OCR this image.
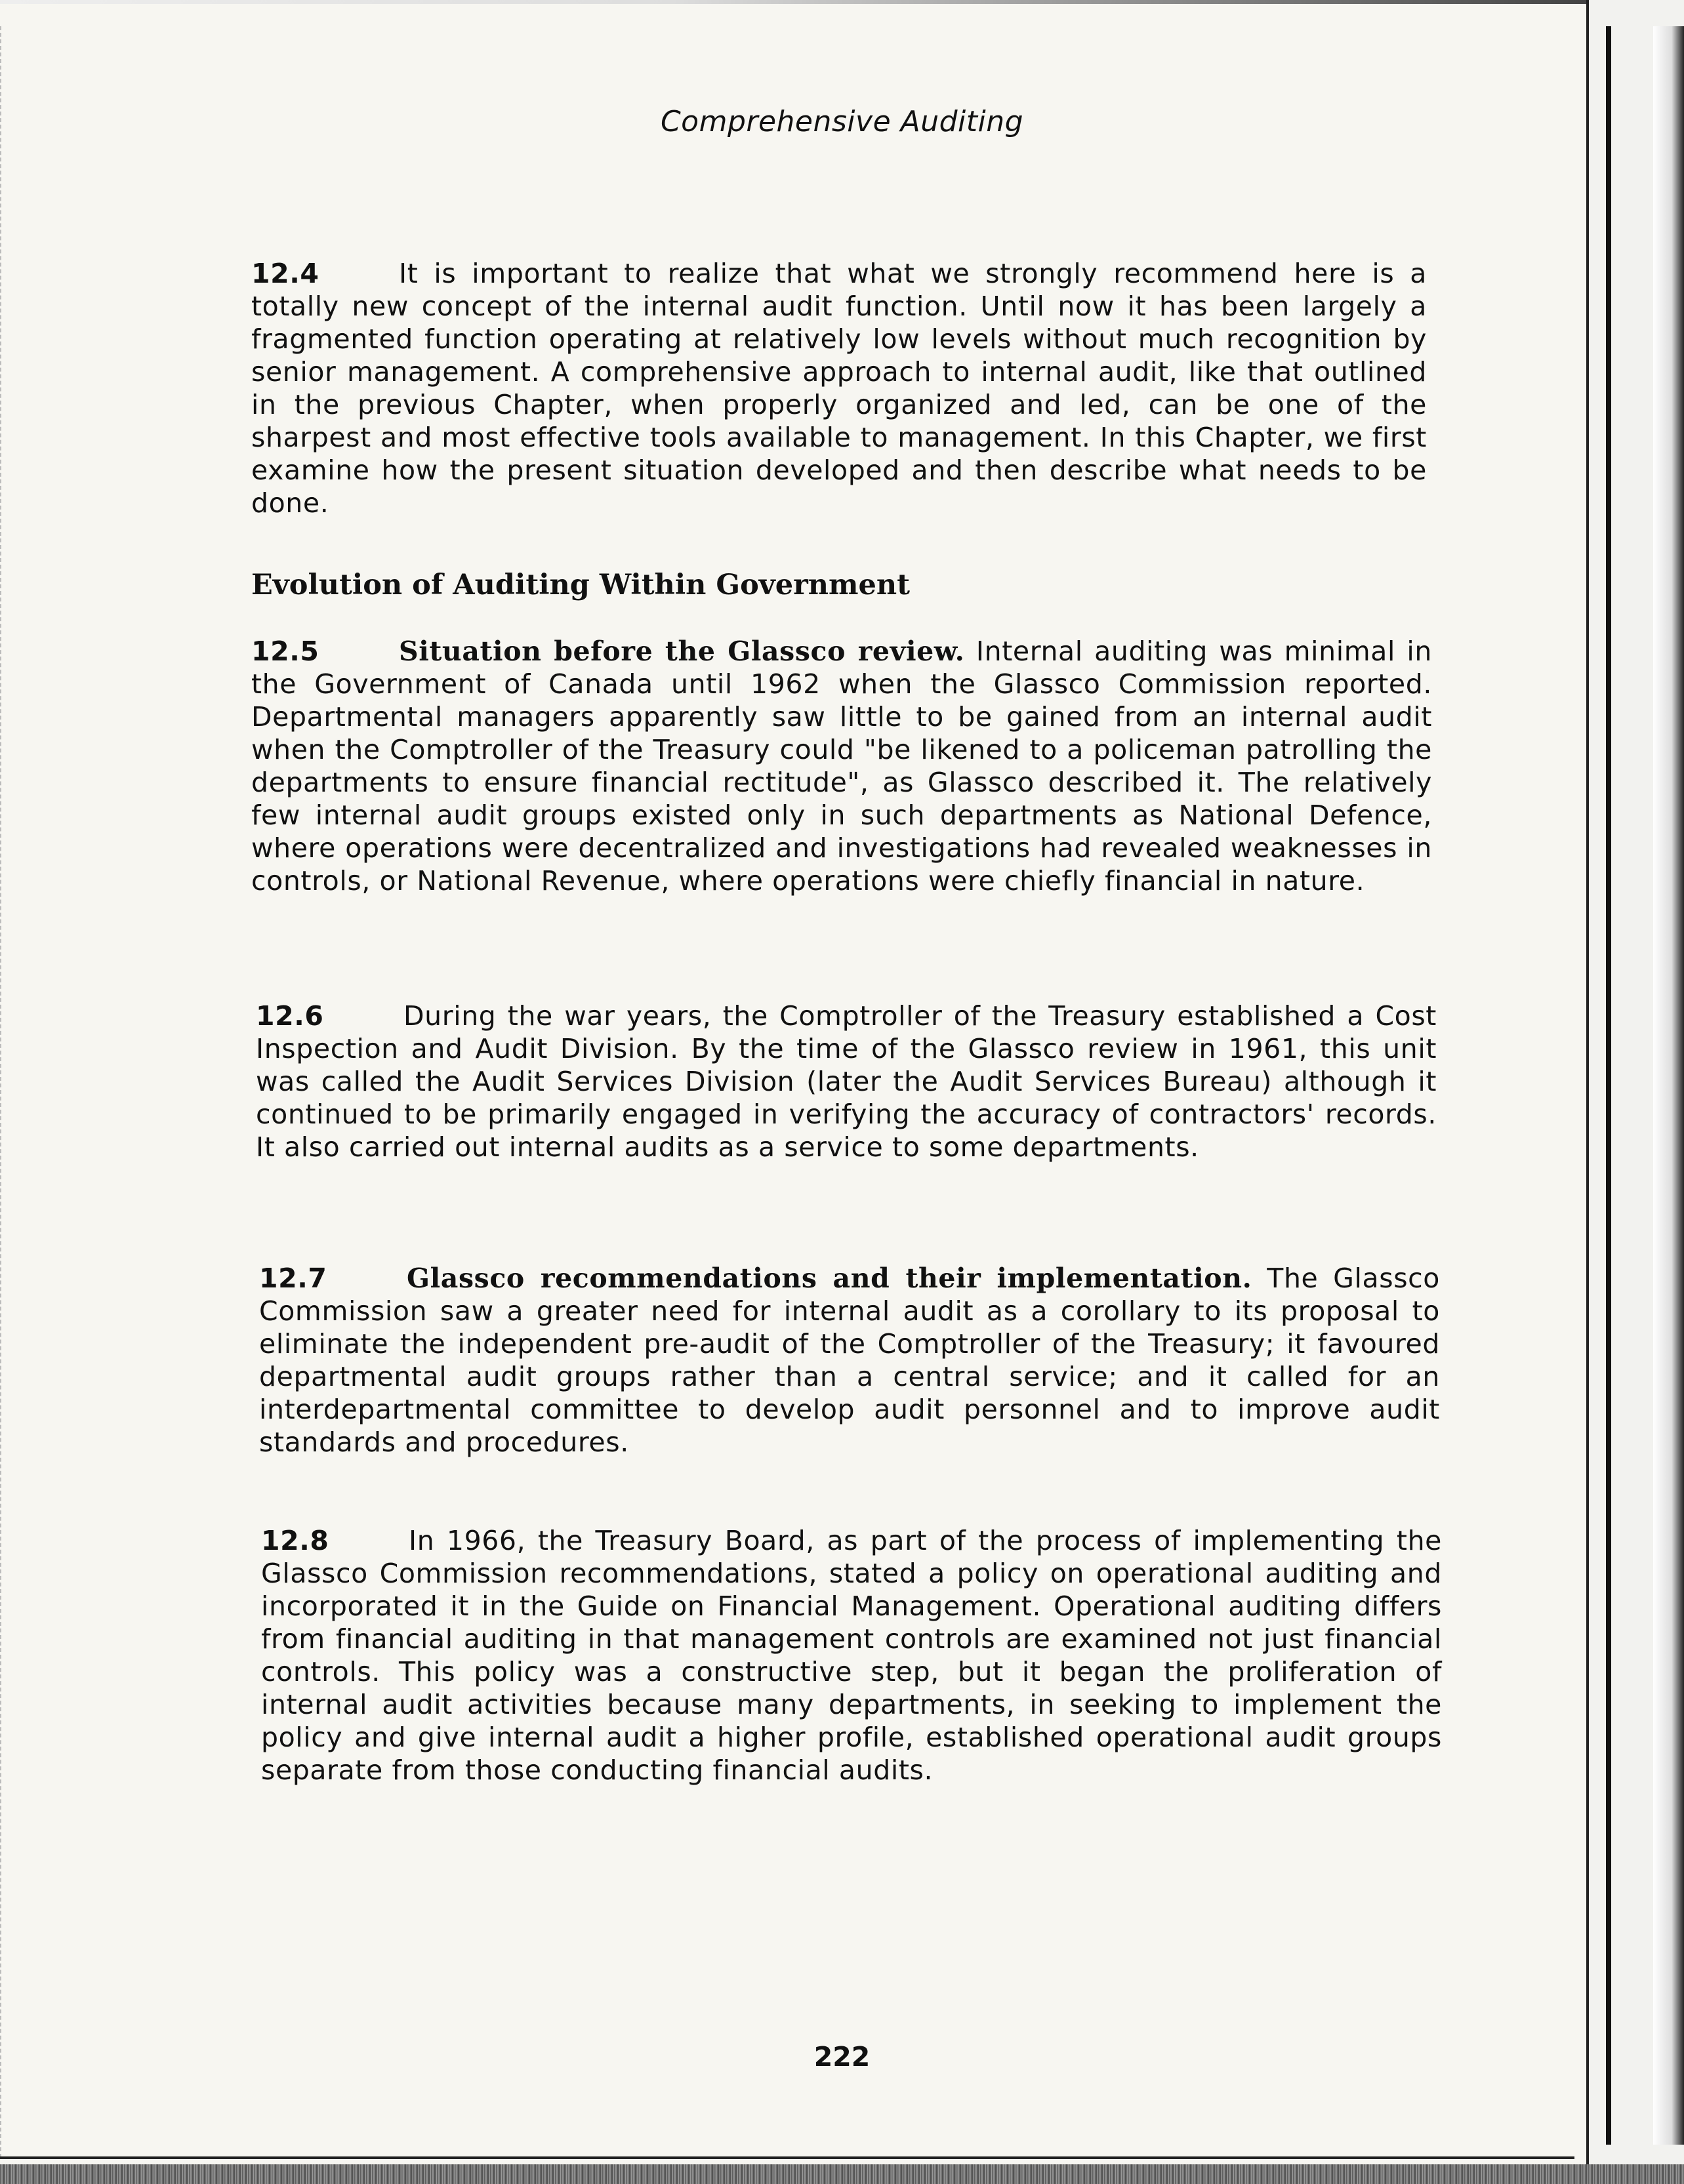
Comprehensive Auditing

12.4	It is important to realize that what we strongly recommend here is a totally new concept of the internal audit function. Until now it has been largely a fragmented function operating at relatively low levels without much recognition by senior management. A comprehensive approach to internal audit, like that outlined in the previous Chapter, when properly organized and led, can be one of the sharpest and most effective tools available to management. In this Chapter, we first examine how the present situation developed and then describe what needs to be done.

Evolution of Auditing Within Government

12.5	Situation before the Glassco review. Internal auditing was minimal in the Government of Canada until 1962 when the Glassco Commission reported. Departmental managers apparently saw little to be gained from an internal audit when the Comptroller of the Treasury could "be likened to a policeman patrolling the departments to ensure financial rectitude", as Glassco described it. The relatively few internal audit groups existed only in such departments as National Defence, where operations were decentralized and investigations had revealed weaknesses in controls, or National Revenue, where operations were chiefly financial in nature.

12.6	During the war years, the Comptroller of the Treasury established a Cost Inspection and Audit Division. By the time of the Glassco review in 1961, this unit was called the Audit Services Division (later the Audit Services Bureau) although it continued to be primarily engaged in verifying the accuracy of contractors' records. It also carried out internal audits as a service to some departments.

12.7	Glassco recommendations and their implementation. The Glassco Commission saw a greater need for internal audit as a corollary to its proposal to eliminate the independent pre-audit of the Comptroller of the Treasury; it favoured departmental audit groups rather than a central service; and it called for an interdepartmental committee to develop audit personnel and to improve audit standards and procedures.

12.8	In 1966, the Treasury Board, as part of the process of implementing the Glassco Commission recommendations, stated a policy on operational auditing and incorporated it in the Guide on Financial Management. Operational auditing differs from financial auditing in that management controls are examined not just financial controls. This policy was a constructive step, but it began the proliferation of internal audit activities because many departments, in seeking to implement the policy and give internal audit a higher profile, established operational audit groups separate from those conducting financial audits.

222
